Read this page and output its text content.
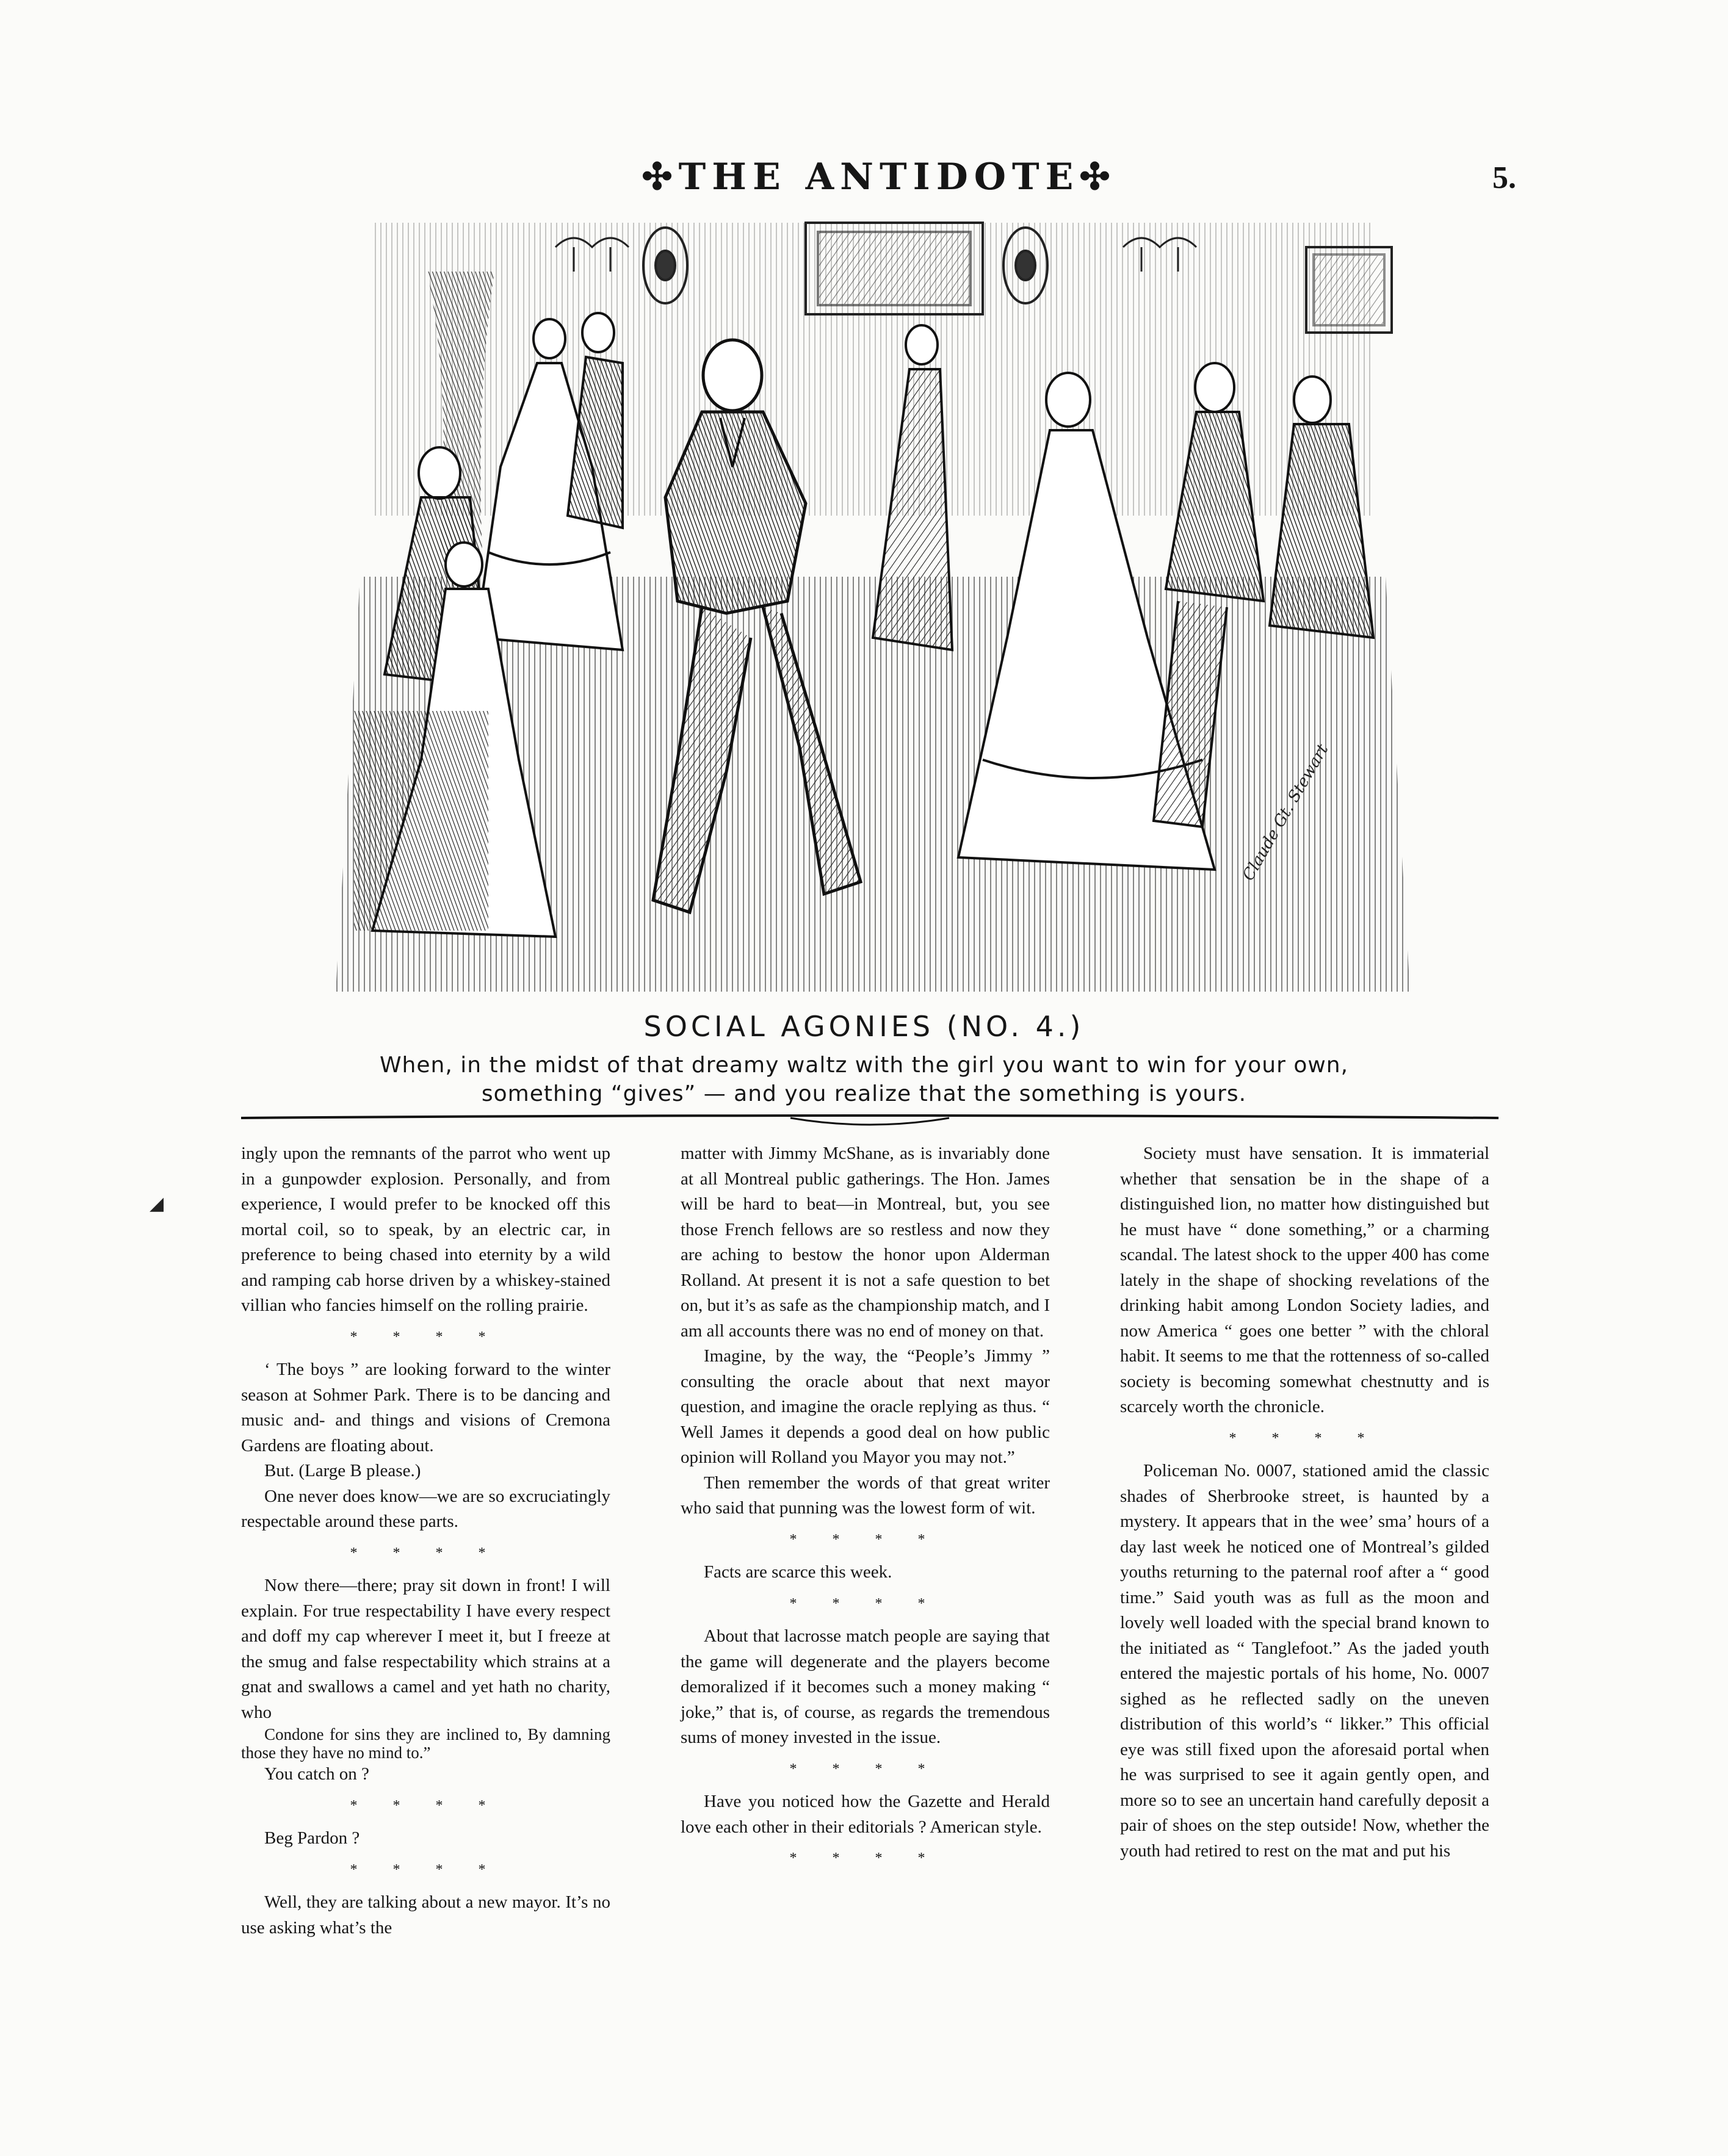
✣THE ANTIDOTE✣	5.
Claude Gt. Stewart
SOCIAL AGONIES (NO. 4.)
When, in the midst of that dreamy waltz with the girl you want to win for your own,
something “gives” — and you realize that the something is yours.

ingly upon the remnants of the parrot who went up in a gunpowder explosion. Personally, and from experience, I would prefer to be knocked off this mortal coil, so to speak, by an electric car, in preference to being chased into eternity by a wild and ramping cab horse driven by a whiskey-stained villian who fancies himself on the rolling prairie.

* * * *

‘ The boys ” are looking forward to the winter season at Sohmer Park. There is to be dancing and music and- and things and visions of Cremona Gardens are floating about.

But. (Large B please.)

One never does know—we are so excruciatingly respectable around these parts.

* * * *

Now there—there; pray sit down in front! I will explain. For true respectability I have every respect and doff my cap wherever I meet it, but I freeze at the smug and false respectability which strains at a gnat and swallows a camel and yet hath no charity, who

Condone for sins they are inclined to, By damning those they have no mind to.”

You catch on ?

* * * *

Beg Pardon ?

* * * *

Well, they are talking about a new mayor. It’s no use asking what’s the

matter with Jimmy McShane, as is invariably done at all Montreal public gatherings. The Hon. James will be hard to beat—in Montreal, but, you see those French fellows are so restless and now they are aching to bestow the honor upon Alderman Rolland. At present it is not a safe question to bet on, but it’s as safe as the championship match, and I am all accounts there was no end of money on that.

Imagine, by the way, the “People’s Jimmy ” consulting the oracle about that next mayor question, and imagine the oracle replying as thus. “ Well James it depends a good deal on how public opinion will Rolland you Mayor you may not.”

Then remember the words of that great writer who said that punning was the lowest form of wit.

* * * *

Facts are scarce this week.

* * * *

About that lacrosse match people are saying that the game will degenerate and the players become demoralized if it becomes such a money making “ joke,” that is, of course, as regards the tremendous sums of money invested in the issue.

* * * *

Have you noticed how the Gazette and Herald love each other in their editorials ? American style.

* * * *

Society must have sensation. It is immaterial whether that sensation be in the shape of a distinguished lion, no matter how distinguished but he must have “ done something,” or a charming scandal. The latest shock to the upper 400 has come lately in the shape of shocking revelations of the drinking habit among London Society ladies, and now America “ goes one better ” with the chloral habit. It seems to me that the rottenness of so-called society is becoming somewhat chestnutty and is scarcely worth the chronicle.

* * * *

Policeman No. 0007, stationed amid the classic shades of Sherbrooke street, is haunted by a mystery. It appears that in the wee’ sma’ hours of a day last week he noticed one of Montreal’s gilded youths returning to the paternal roof after a “ good time.” Said youth was as full as the moon and lovely well loaded with the special brand known to the initiated as “ Tanglefoot.” As the jaded youth entered the majestic portals of his home, No. 0007 sighed as he reflected sadly on the uneven distribution of this world’s “ likker.” This official eye was still fixed upon the aforesaid portal when he was surprised to see it again gently open, and more so to see an uncertain hand carefully deposit a pair of shoes on the step outside! Now, whether the youth had retired to rest on the mat and put his

◢
